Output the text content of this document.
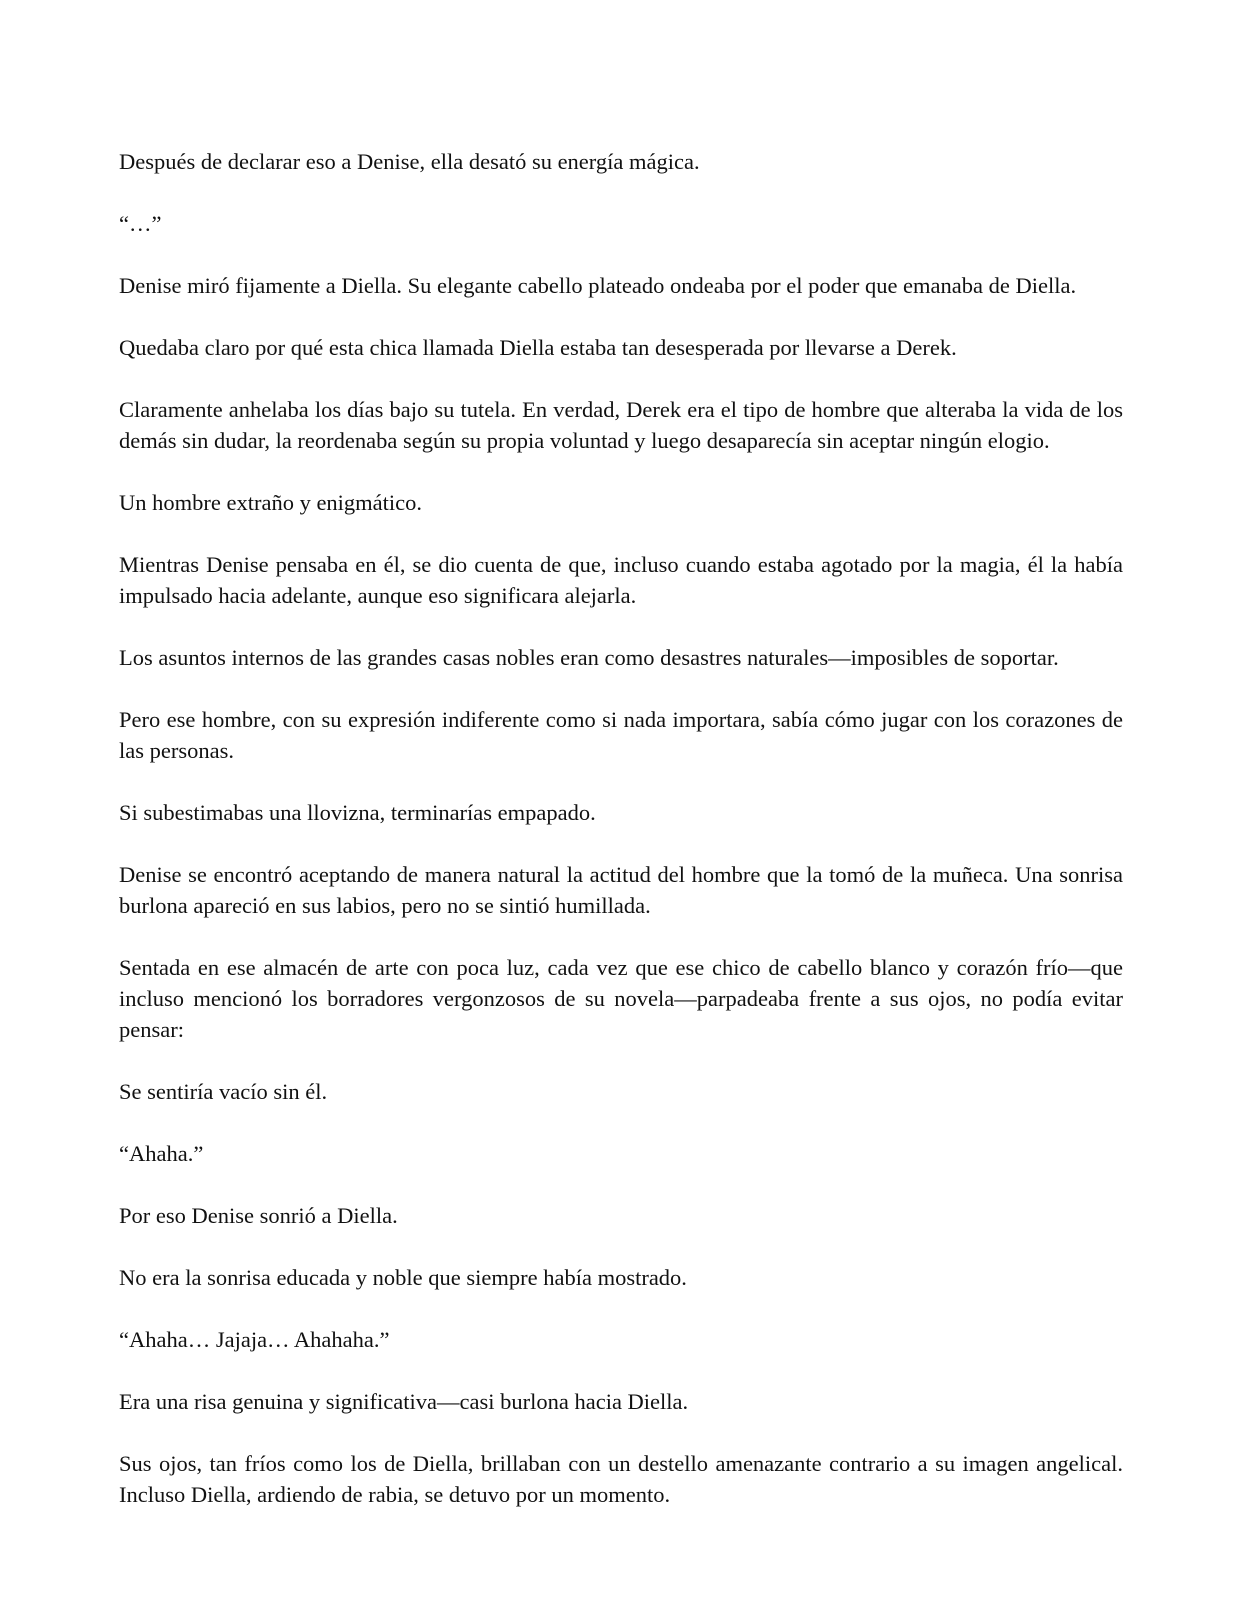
Después de declarar eso a Denise, ella desató su energía mágica.

“…”

Denise miró fijamente a Diella. Su elegante cabello plateado ondeaba por el poder que emanaba de Diella.

Quedaba claro por qué esta chica llamada Diella estaba tan desesperada por llevarse a Derek.

Claramente anhelaba los días bajo su tutela. En verdad, Derek era el tipo de hombre que alteraba la vida de los demás sin dudar, la reordenaba según su propia voluntad y luego desaparecía sin aceptar ningún elogio.

Un hombre extraño y enigmático.

Mientras Denise pensaba en él, se dio cuenta de que, incluso cuando estaba agotado por la magia, él la había impulsado hacia adelante, aunque eso significara alejarla.

Los asuntos internos de las grandes casas nobles eran como desastres naturales—imposibles de soportar.

Pero ese hombre, con su expresión indiferente como si nada importara, sabía cómo jugar con los corazones de las personas.

Si subestimabas una llovizna, terminarías empapado.

Denise se encontró aceptando de manera natural la actitud del hombre que la tomó de la muñeca. Una sonrisa burlona apareció en sus labios, pero no se sintió humillada.

Sentada en ese almacén de arte con poca luz, cada vez que ese chico de cabello blanco y corazón frío—que incluso mencionó los borradores vergonzosos de su novela—parpadeaba frente a sus ojos, no podía evitar pensar:

Se sentiría vacío sin él.

“Ahaha.”

Por eso Denise sonrió a Diella.

No era la sonrisa educada y noble que siempre había mostrado.

“Ahaha… Jajaja… Ahahaha.”

Era una risa genuina y significativa—casi burlona hacia Diella.

Sus ojos, tan fríos como los de Diella, brillaban con un destello amenazante contrario a su imagen angelical. Incluso Diella, ardiendo de rabia, se detuvo por un momento.
